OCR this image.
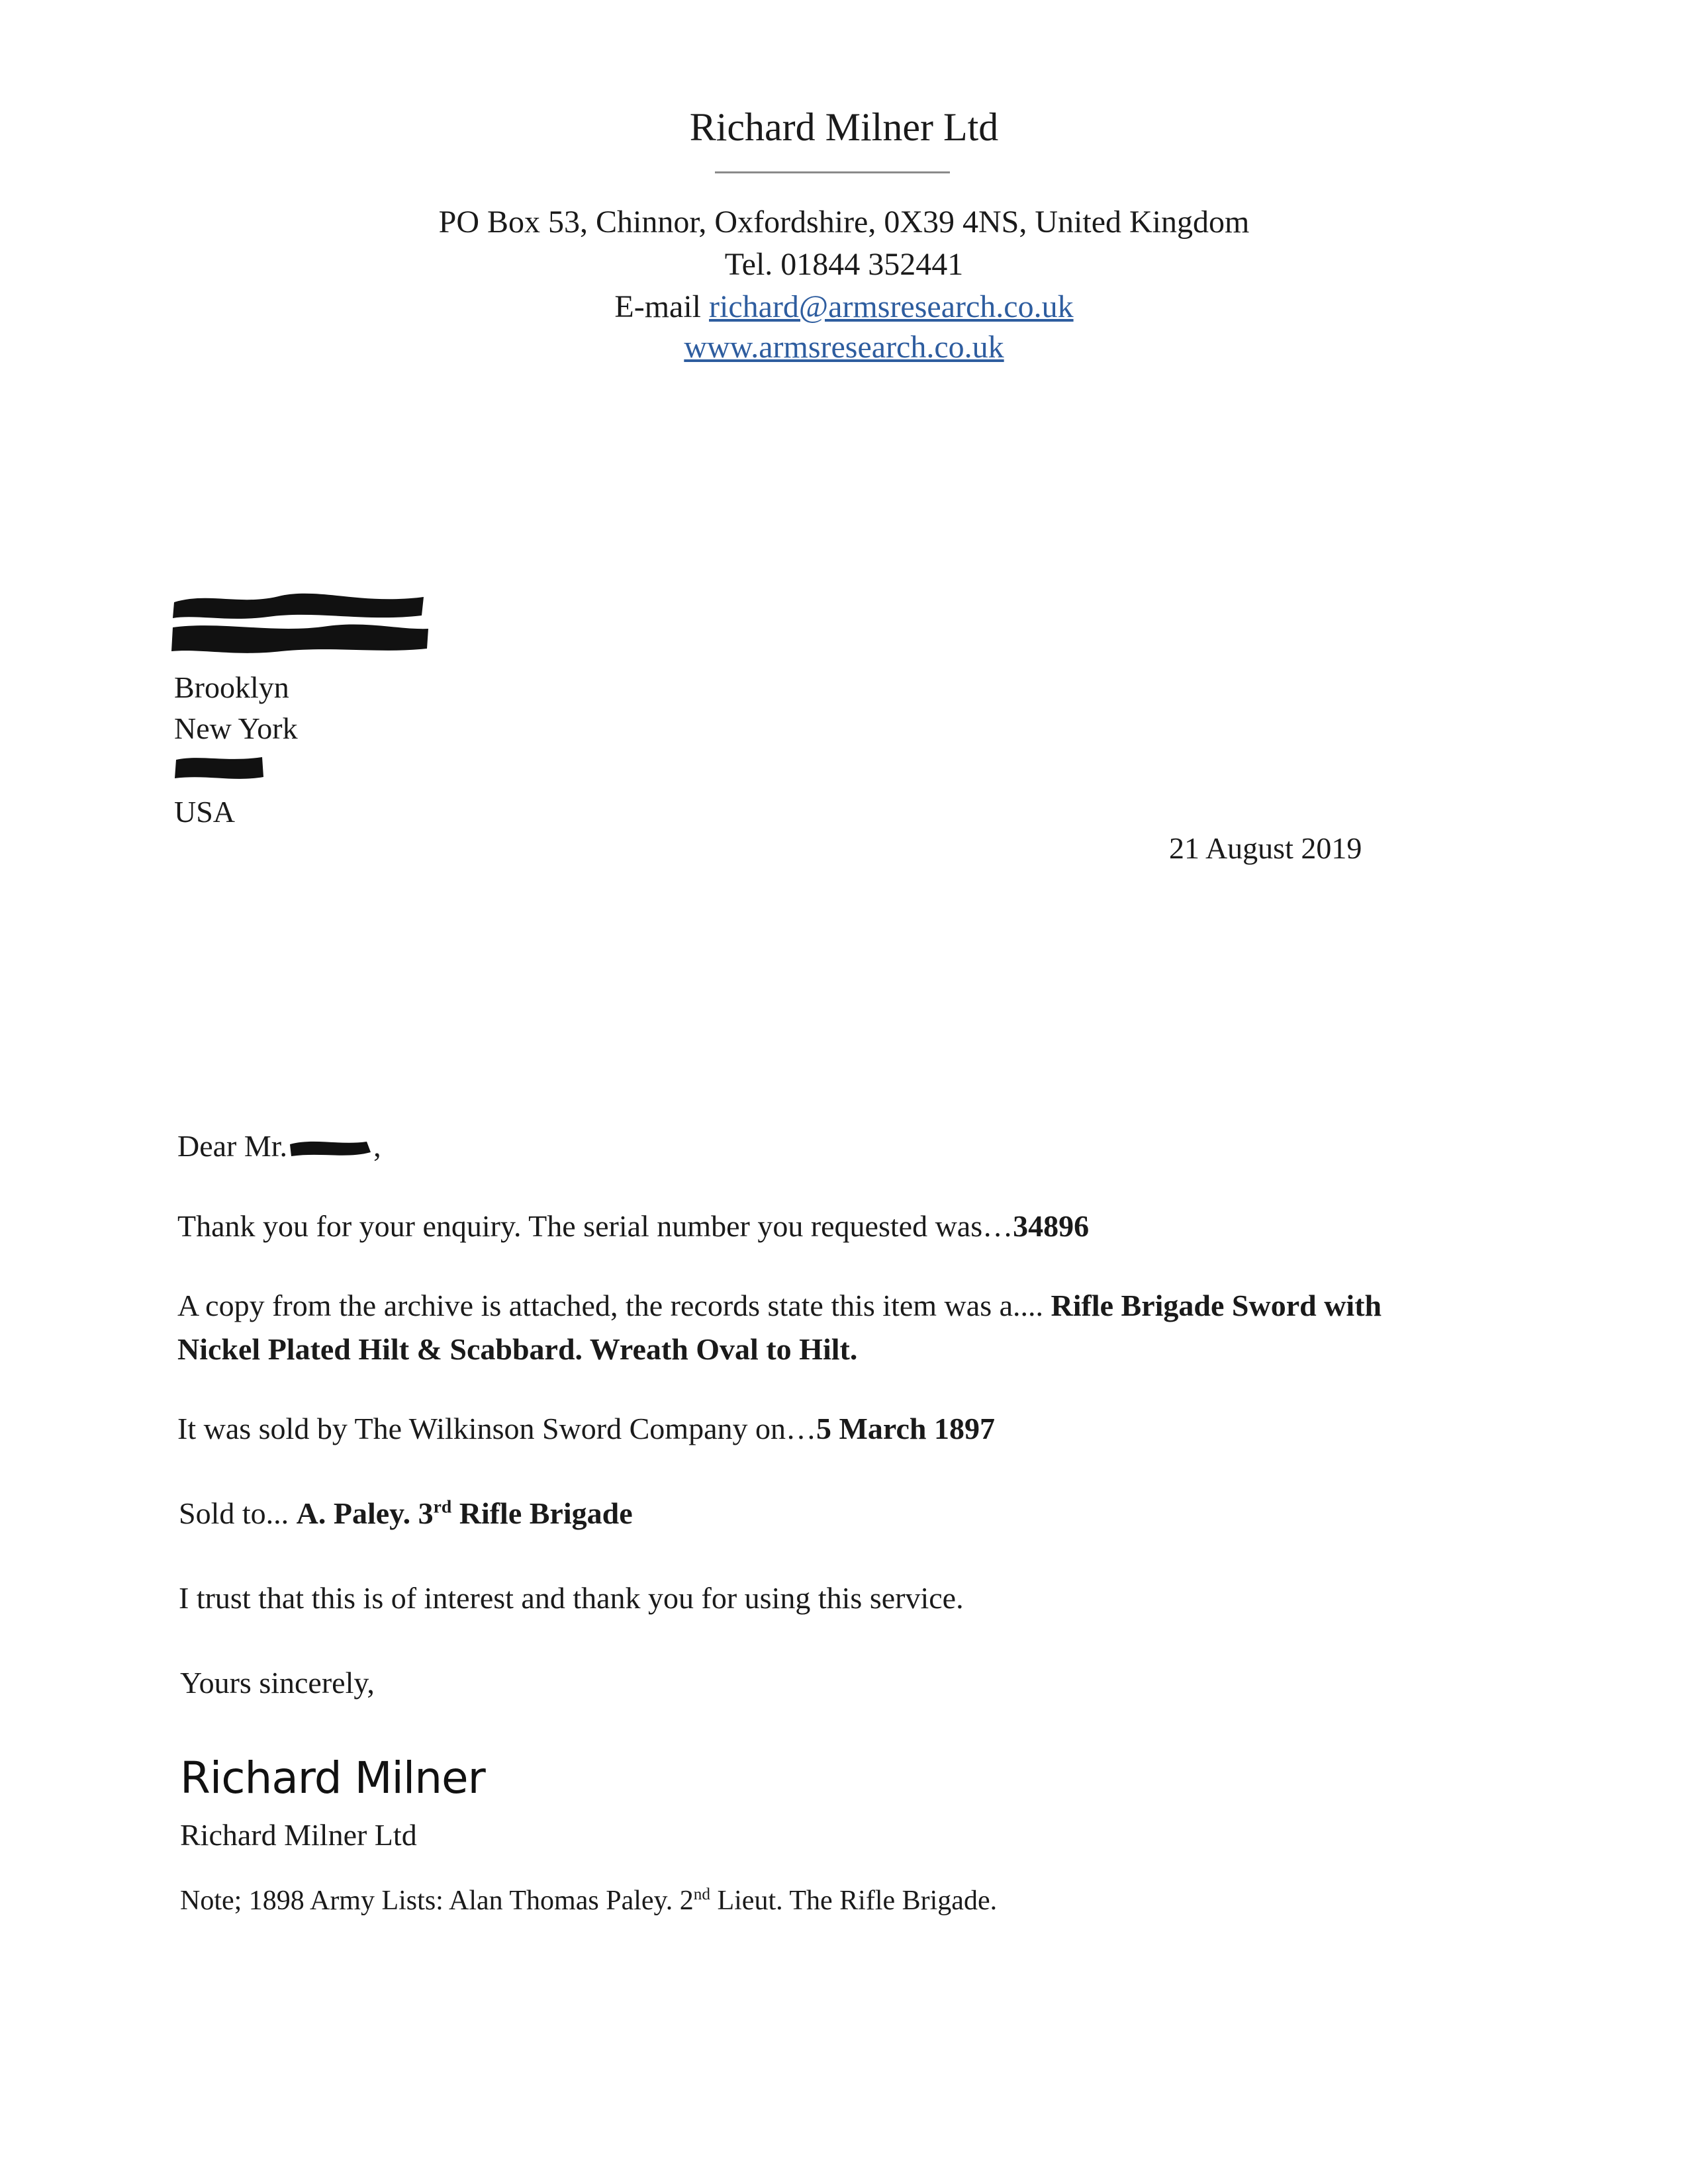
Richard Milner Ltd
PO Box 53, Chinnor, Oxfordshire, 0X39 4NS, United Kingdom
Tel. 01844 352441
E-mail richard@armsresearch.co.uk
www.armsresearch.co.uk
Brooklyn
New York
USA
21 August 2019
Dear Mr.	,
Thank you for your enquiry. The serial number you requested was…34896
A copy from the archive is attached, the records state this item was a.... Rifle Brigade Sword with
Nickel Plated Hilt & Scabbard. Wreath Oval to Hilt.
It was sold by The Wilkinson Sword Company on…5 March 1897
Sold to... A. Paley. 3rd Rifle Brigade
I trust that this is of interest and thank you for using this service.
Yours sincerely,
Richard Milner
Richard Milner Ltd
Note; 1898 Army Lists: Alan Thomas Paley. 2nd Lieut. The Rifle Brigade.
